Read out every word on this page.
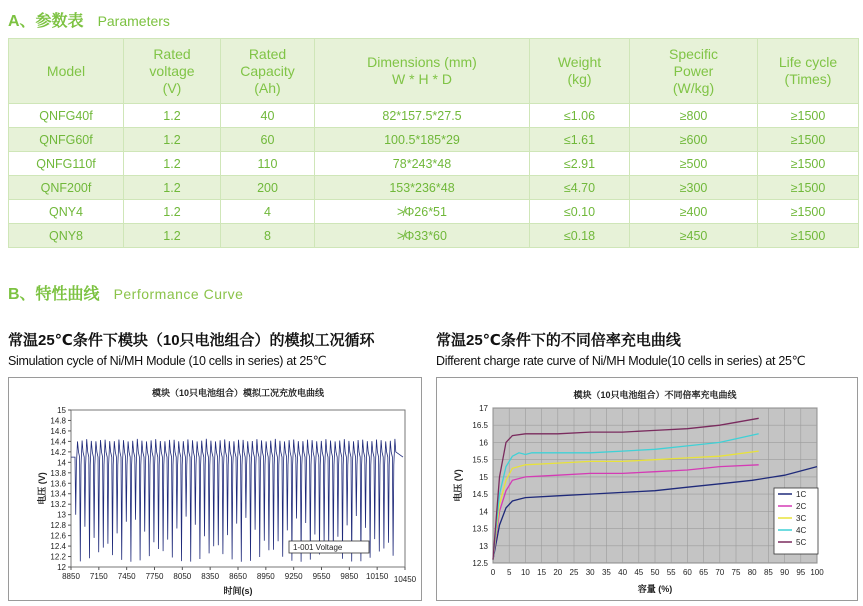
A、参数表 Parameters
Model	Rated
voltage
(V)	Rated
Capacity
(Ah)	Dimensions (mm)
W * H * D	Weight
(kg)	Specific
Power
(W/kg)	Life cycle
(Times)
QNFG40f	1.2	40	82*157.5*27.5	≤1.06	≥800	≥1500
QNFG60f	1.2	60	100.5*185*29	≤1.61	≥600	≥1500
QNFG110f	1.2	110	78*243*48	≤2.91	≥500	≥1500
QNF200f	1.2	200	153*236*48	≤4.70	≥300	≥1500
QNY4	1.2	4	≯Φ26*51	≤0.10	≥400	≥1500
QNY8	1.2	8	≯Φ33*60	≤0.18	≥450	≥1500
B、特性曲线 Performance Curve
常温25℃条件下模块（10只电池组合）的模拟工况循环
Simulation cycle of Ni/MH Module (10 cells in series) at 25℃
常温25℃条件下的不同倍率充电曲线
Different charge rate curve of Ni/MH Module(10 cells in series) at 25℃
模块（10只电池组合）模拟工况充放电曲线
15
14.8
14.6
14.4
14.2
14
13.8
13.6
13.4
13.2
13
12.8
12.6
12.4
12.2
12
8850 7150 7450 7750 8050 8350 8650 8950 9250 9550 9850 10150 10450
时间(s)
电压 (V)
1-001 Voltage
模块（10只电池组合）不同倍率充电曲线
17
16.5
16
15.5
15
14.5
14
13.5
13
12.5
0 5 10 15 20 25 30 35 40 45 50 55 60 65 70 75 80 85 90 95 100
容量 (%)
电压 (V)	1C
2C
3C
4C
5C
